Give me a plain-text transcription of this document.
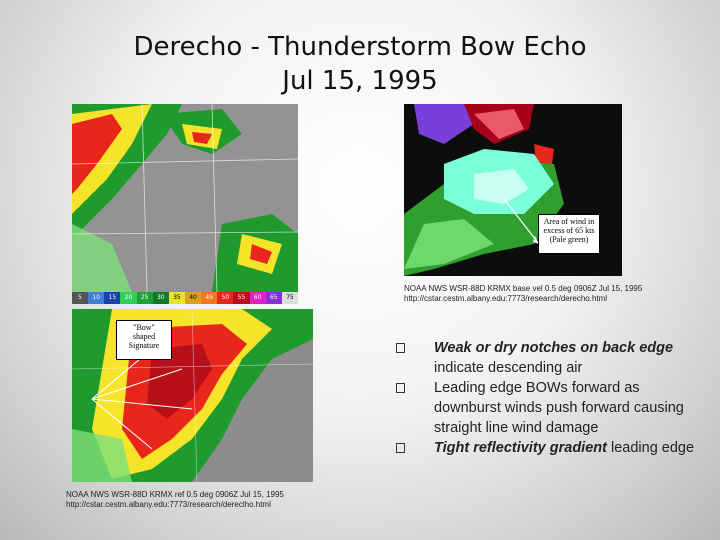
Derecho - Thunderstorm Bow Echo
Jul 15, 1995
5	10	15	20	25	30	35	40	45	50	55	60	65	75
Area of wind in
excess of 65 kts
(Pale green)
NOAA NWS WSR-88D KRMX base vel 0.5 deg 0906Z Jul 15, 1995 http://cstar.cestm.albany.edu:7773/research/derecho.html
"Bow"
shaped
Signature
NOAA NWS WSR-88D KRMX ref 0.5 deg 0906Z Jul 15, 1995 http://cstar.cestm.albany.edu:7773/research/dereclho.html
Weak or dry notches on back edge indicate descending air
Leading edge BOWs forward as downburst winds push forward causing straight line wind damage
Tight reflectivity gradient leading edge
